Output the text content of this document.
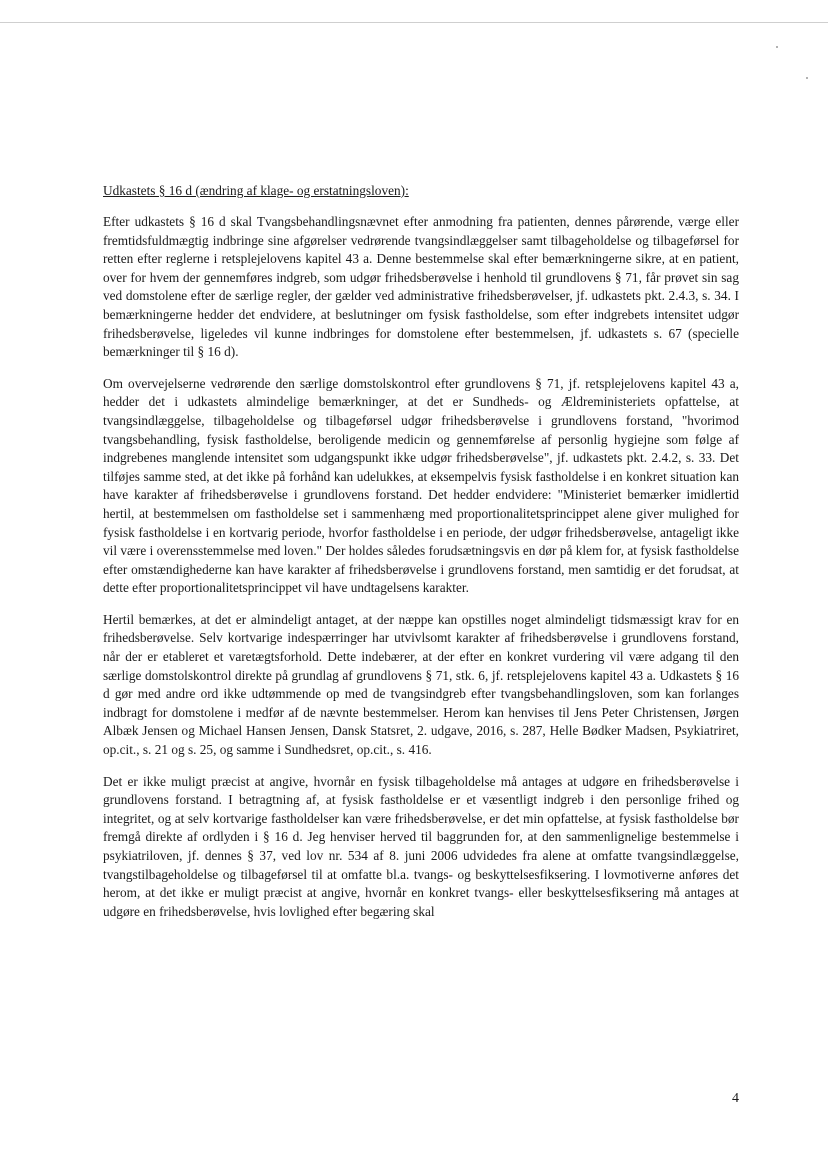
Udkastets § 16 d (ændring af klage- og erstatningsloven):

Efter udkastets § 16 d skal Tvangsbehandlingsnævnet efter anmodning fra patienten, dennes pårørende, værge eller fremtidsfuldmægtig indbringe sine afgørelser vedrørende tvangsindlæggelser samt tilbageholdelse og tilbageførsel for retten efter reglerne i retsplejelovens kapitel 43 a. Denne bestemmelse skal efter bemærkningerne sikre, at en patient, over for hvem der gennemføres indgreb, som udgør frihedsberøvelse i henhold til grundlovens § 71, får prøvet sin sag ved domstolene efter de særlige regler, der gælder ved administrative frihedsberøvelser, jf. udkastets pkt. 2.4.3, s. 34. I bemærkningerne hedder det endvidere, at beslutninger om fysisk fastholdelse, som efter indgrebets intensitet udgør frihedsberøvelse, ligeledes vil kunne indbringes for domstolene efter bestemmelsen, jf. udkastets s. 67 (specielle bemærkninger til § 16 d).

Om overvejelserne vedrørende den særlige domstolskontrol efter grundlovens § 71, jf. retsplejelovens kapitel 43 a, hedder det i udkastets almindelige bemærkninger, at det er Sundheds- og Ældreministeriets opfattelse, at tvangsindlæggelse, tilbageholdelse og tilbageførsel udgør frihedsberøvelse i grundlovens forstand, "hvorimod tvangsbehandling, fysisk fastholdelse, beroligende medicin og gennemførelse af personlig hygiejne som følge af indgrebenes manglende intensitet som udgangspunkt ikke udgør frihedsberøvelse", jf. udkastets pkt. 2.4.2, s. 33. Det tilføjes samme sted, at det ikke på forhånd kan udelukkes, at eksempelvis fysisk fastholdelse i en konkret situation kan have karakter af frihedsberøvelse i grundlovens forstand. Det hedder endvidere: "Ministeriet bemærker imidlertid hertil, at bestemmelsen om fastholdelse set i sammenhæng med proportionalitetsprincippet alene giver mulighed for fysisk fastholdelse i en kortvarig periode, hvorfor fastholdelse i en periode, der udgør frihedsberøvelse, antageligt ikke vil være i overensstemmelse med loven." Der holdes således forudsætningsvis en dør på klem for, at fysisk fastholdelse efter omstændighederne kan have karakter af frihedsberøvelse i grundlovens forstand, men samtidig er det forudsat, at dette efter proportionalitetsprincippet vil have undtagelsens karakter.

Hertil bemærkes, at det er almindeligt antaget, at der næppe kan opstilles noget almindeligt tidsmæssigt krav for en frihedsberøvelse. Selv kortvarige indespærringer har utvivlsomt karakter af frihedsberøvelse i grundlovens forstand, når der er etableret et varetægtsforhold. Dette indebærer, at der efter en konkret vurdering vil være adgang til den særlige domstolskontrol direkte på grundlag af grundlovens § 71, stk. 6, jf. retsplejelovens kapitel 43 a. Udkastets § 16 d gør med andre ord ikke udtømmende op med de tvangsindgreb efter tvangsbehandlingsloven, som kan forlanges indbragt for domstolene i medfør af de nævnte bestemmelser. Herom kan henvises til Jens Peter Christensen, Jørgen Albæk Jensen og Michael Hansen Jensen, Dansk Statsret, 2. udgave, 2016, s. 287, Helle Bødker Madsen, Psykiatriret, op.cit., s. 21 og s. 25, og samme i Sundhedsret, op.cit., s. 416.

Det er ikke muligt præcist at angive, hvornår en fysisk tilbageholdelse må antages at udgøre en frihedsberøvelse i grundlovens forstand. I betragtning af, at fysisk fastholdelse er et væsentligt indgreb i den personlige frihed og integritet, og at selv kortvarige fastholdelser kan være frihedsberøvelse, er det min opfattelse, at fysisk fastholdelse bør fremgå direkte af ordlyden i § 16 d. Jeg henviser herved til baggrunden for, at den sammenlignelige bestemmelse i psykiatriloven, jf. dennes § 37, ved lov nr. 534 af 8. juni 2006 udvidedes fra alene at omfatte tvangsindlæggelse, tvangstilbageholdelse og tilbageførsel til at omfatte bl.a. tvangs- og beskyttelsesfiksering. I lovmotiverne anføres det herom, at det ikke er muligt præcist at angive, hvornår en konkret tvangs- eller beskyttelsesfiksering må antages at udgøre en frihedsberøvelse, hvis lovlighed efter begæring skal

4
